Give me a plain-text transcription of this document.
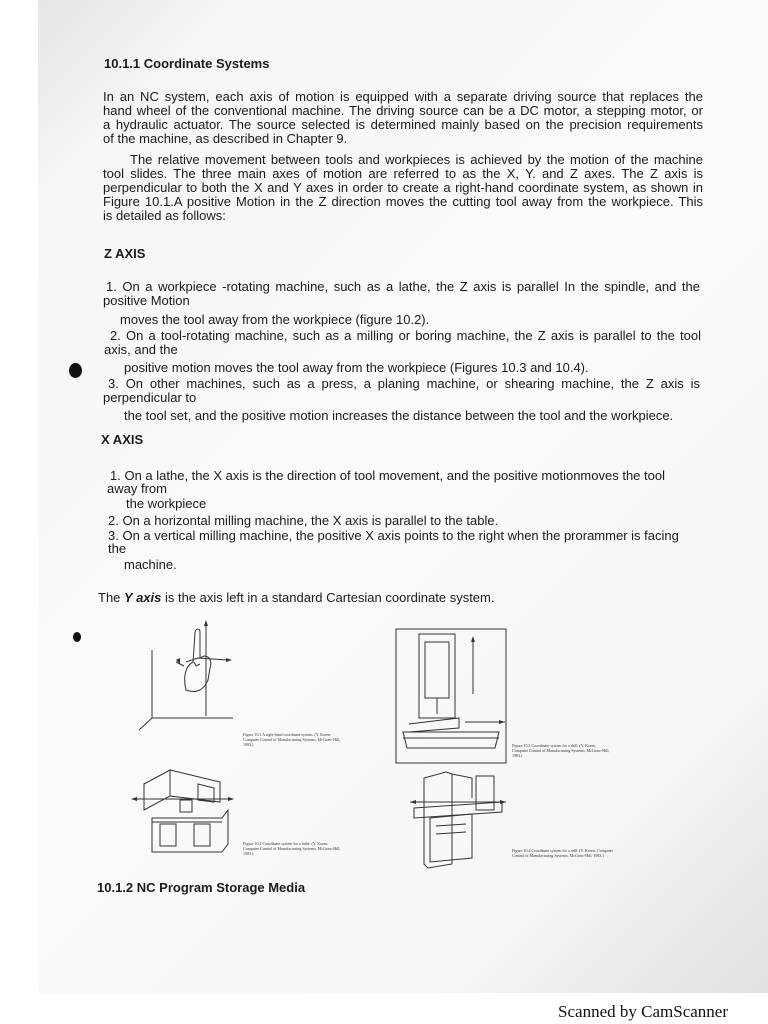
10.1.1 Coordinate Systems

In an NC system, each axis of motion is equipped with a separate driving source that replaces the

hand wheel of the conventional machine. The driving source can be a DC motor, a stepping motor, or

a hydraulic actuator. The source selected is determined mainly based on the precision requirements

of the machine, as described in Chapter 9.

The relative movement between tools and workpieces is achieved by the motion of the machine

tool slides. The three main axes of motion are referred to as the X, Y. and Z axes. The Z axis is

perpendicular to both the X and Y axes in order to create a right-hand coordinate system, as shown in

Figure 10.1.A positive Motion in the Z direction moves the cutting tool away from the workpiece. This

is detailed as follows:

Z AXIS

1. On a workpiece -rotating machine, such as a lathe, the Z axis is parallel In the spindle, and the

positive Motion

moves the tool away from the workpiece (figure 10.2).

2. On a tool-rotating machine, such as a milling or boring machine, the Z axis is parallel to the tool

axis, and the

positive motion moves the tool away from the workpiece (Figures 10.3 and 10.4).

3. On other machines, such as a press, a planing machine, or shearing machine, the Z axis is

perpendicular to

the tool set, and the positive motion increases the distance between the tool and the workpiece.

X AXIS

1. On a lathe, the X axis is the direction of tool movement, and the positive motionmoves the tool

away from

the workpiece

2. On a horizontal milling machine, the X axis is parallel to the table.

3. On a vertical milling machine, the positive X axis points to the right when the prorammer is facing

the

machine.

The Y axis is the axis left in a standard Cartesian coordinate system.

Figure 10.1 A right-hand coordinate system. (Y. Koren, Computer Control of Manufacturing Systems, McGraw-Hill, 1983.)

Figure 10.2 Coordinate system for a lathe. (Y. Koren, Computer Control of Manufacturing Systems, McGraw-Hill, 1983.)

Figure 10.3 Coordinate system for a drill. (Y. Koren, Computer Control of Manufacturing Systems, McGraw-Hill, 1983.)

Figure 10.4 Coordinate system for a mill. (Y. Koren, Computer Control of Manufacturing Systems, McGraw-Hill, 1983.)

10.1.2 NC Program Storage Media

Scanned by CamScanner
